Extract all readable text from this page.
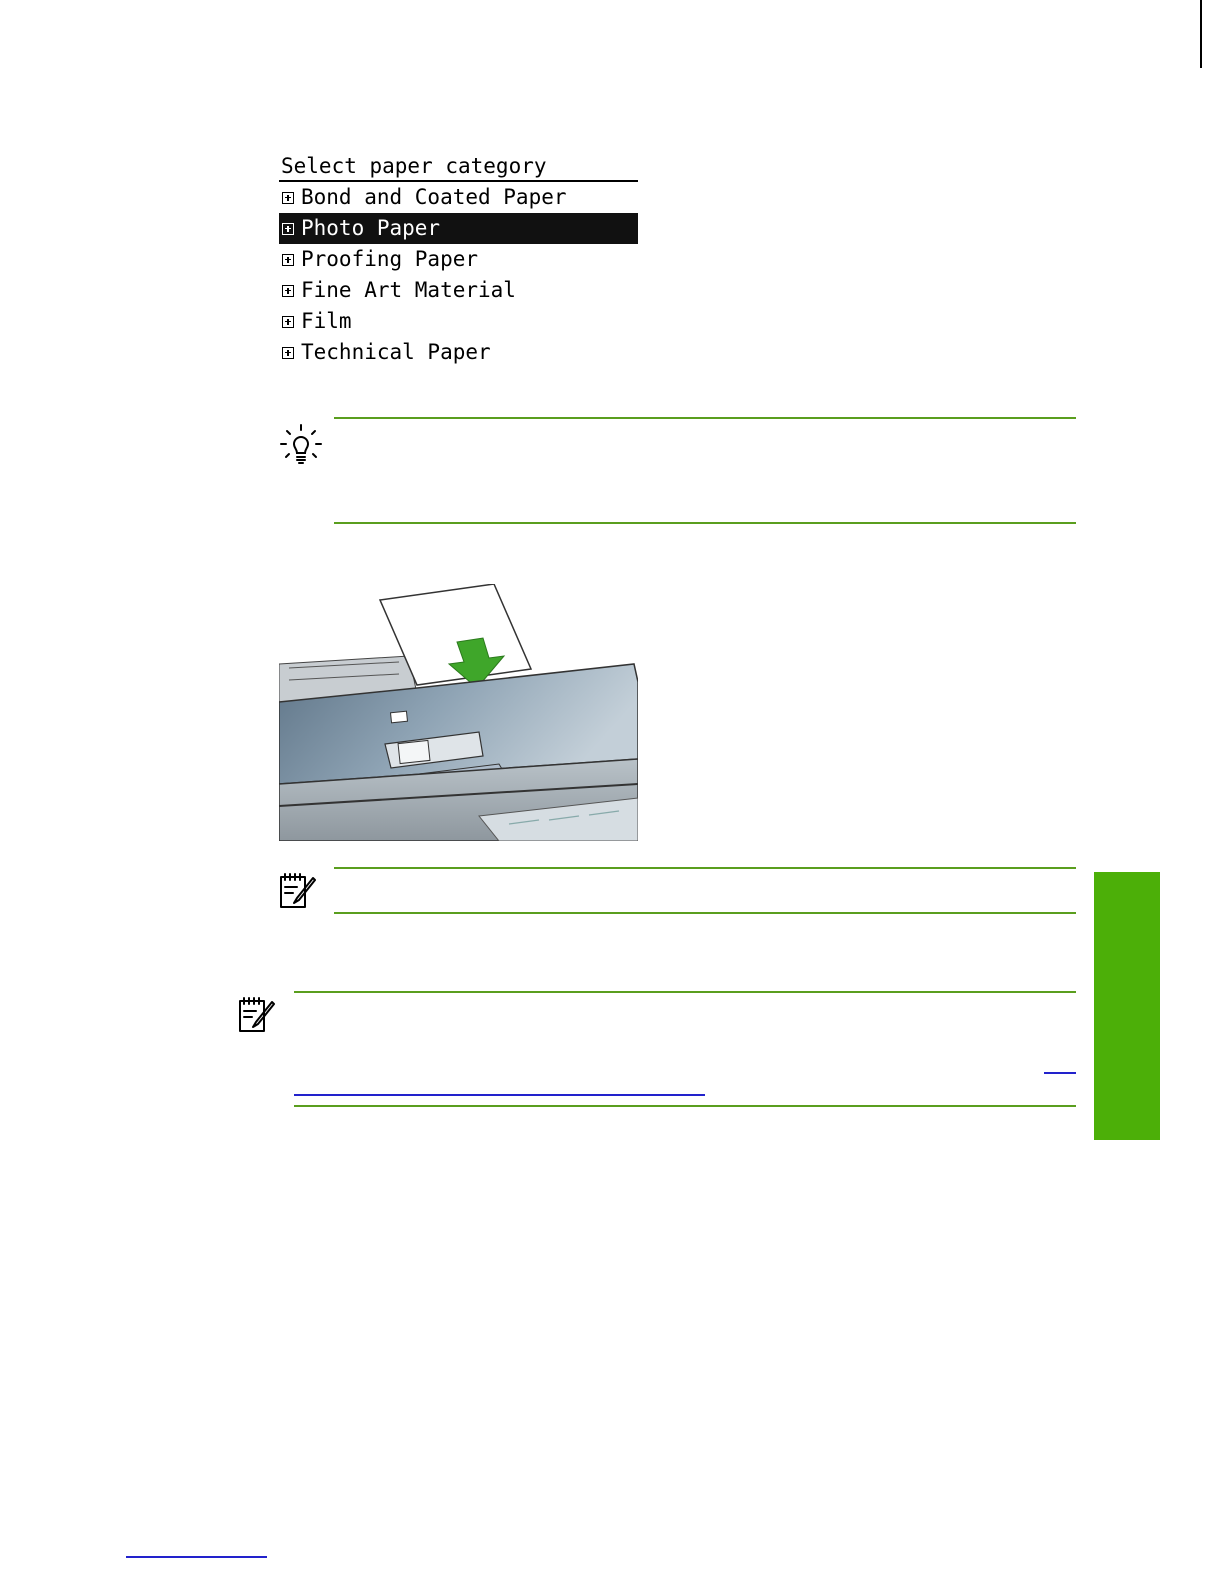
Select paper category
Bond and Coated Paper
Photo Paper
Proofing Paper
Fine Art Material
Film
Technical Paper
